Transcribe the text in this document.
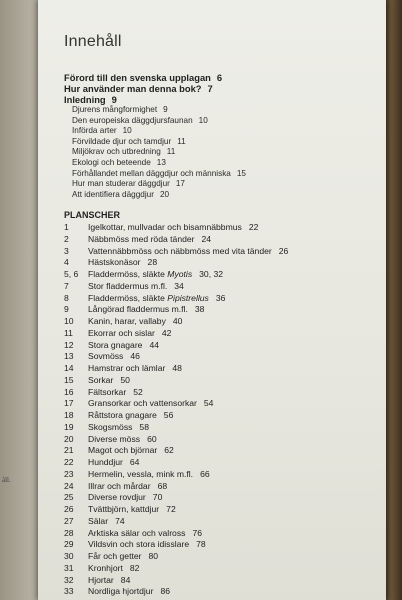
åll.
Innehåll
Förord till den svenska upplagan 6
Hur använder man denna bok? 7
Inledning 9
Djurens mångformighet 9
Den europeiska däggdjursfaunan 10
Införda arter 10
Förvildade djur och tamdjur 11
Miljökrav och utbredning 11
Ekologi och beteende 13
Förhållandet mellan däggdjur och människa 15
Hur man studerar däggdjur 17
Att identifiera däggdjur 20
PLANSCHER
1	Igelkottar, mullvadar och bisamnäbbmus 22
2	Näbbmöss med röda tänder 24
3	Vattennäbbmöss och näbbmöss med vita tänder 26
4	Hästskonäsor 28
5, 6	Fladdermöss, släkte Myotis 30, 32
7	Stor fladdermus m.fl. 34
8	Fladdermöss, släkte Pipistrellus 36
9	Långörad fladdermus m.fl. 38
10	Kanin, harar, vallaby 40
11	Ekorrar och sislar 42
12	Stora gnagare 44
13	Sovmöss 46
14	Hamstrar och lämlar 48
15	Sorkar 50
16	Fältsorkar 52
17	Gransorkar och vattensorkar 54
18	Råttstora gnagare 56
19	Skogsmöss 58
20	Diverse möss 60
21	Magot och björnar 62
22	Hunddjur 64
23	Hermelin, vessla, mink m.fl. 66
24	Illrar och mårdar 68
25	Diverse rovdjur 70
26	Tvättbjörn, kattdjur 72
27	Sälar 74
28	Arktiska sälar och valross 76
29	Vildsvin och stora idisslare 78
30	Får och getter 80
31	Kronhjort 82
32	Hjortar 84
33	Nordliga hjortdjur 86
